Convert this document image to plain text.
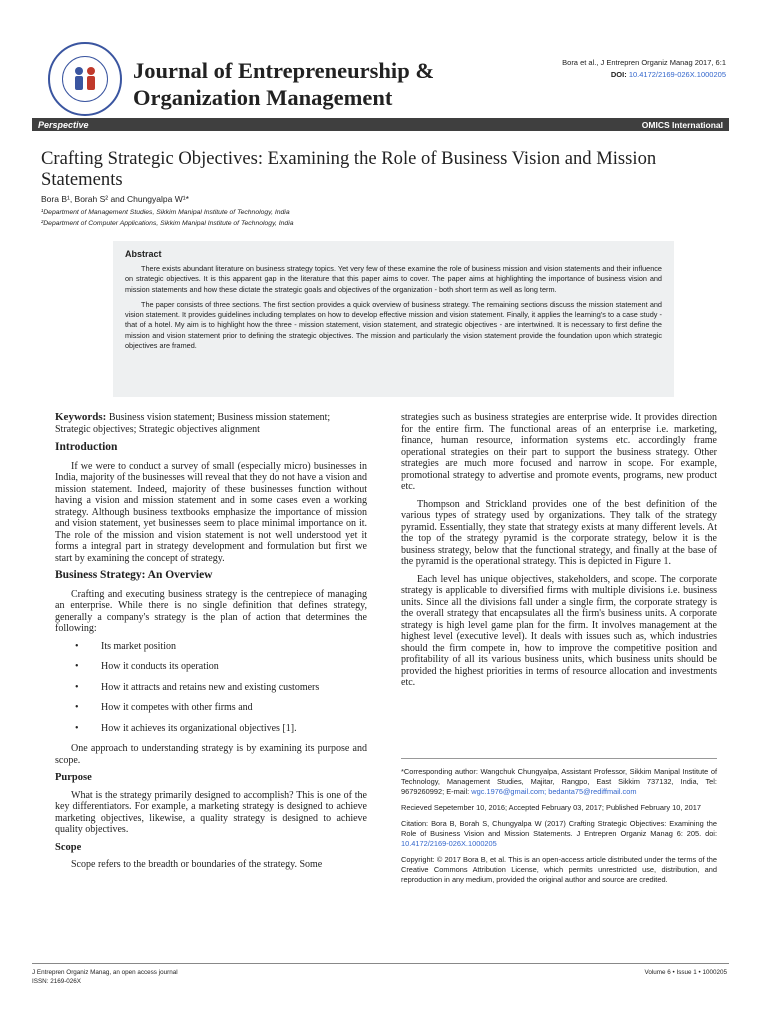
Journal of Entrepreneurship & Organization Management
Bora et al., J Entrepren Organiz Manag 2017, 6:1
DOI: 10.4172/2169-026X.1000205
Perspective	OMICS International
Crafting Strategic Objectives: Examining the Role of Business Vision and Mission Statements
Bora B¹, Borah S² and Chungyalpa W¹*
¹Department of Management Studies, Sikkim Manipal Institute of Technology, India
²Department of Computer Applications, Sikkim Manipal Institute of Technology, India
Abstract

There exists abundant literature on business strategy topics. Yet very few of these examine the role of business mission and vision statements and their influence on strategic objectives. It is this apparent gap in the literature that this paper aims to cover. The paper aims at highlighting the importance of business vision and mission statements and how these dictate the strategic goals and objectives of the organization - both short term as well as long term.

The paper consists of three sections. The first section provides a quick overview of business strategy. The remaining sections discuss the mission statement and vision statement. It provides guidelines including templates on how to develop effective mission and vision statement. Finally, it applies the learning's to a case study - that of a hotel. My aim is to highlight how the three - mission statement, vision statement, and strategic objectives - are intertwined. It is necessary to first define the mission and vision statement prior to defining the strategic objectives. The mission and particularly the vision statement provide the foundation upon which strategic objectives are framed.

Keywords: Business vision statement; Business mission statement; Strategic objectives; Strategic objectives alignment
Introduction

If we were to conduct a survey of small (especially micro) businesses in India, majority of the businesses will reveal that they do not have a vision and mission statement. Indeed, majority of these businesses function without having a vision and mission statement and in some cases even a working strategy. Although business textbooks emphasize the importance of mission and vision statement, yet businesses seem to place minimal importance on it. The role of the mission and vision statement is not well understood yet it forms a integral part in strategy development and formulation but first we start by examining the concept of strategy.

Business Strategy: An Overview

Crafting and executing business strategy is the centrepiece of managing an enterprise. While there is no single definition that defines strategy, generally a company's strategy is the plan of action that determines the following:

• Its market position
• How it conducts its operation
• How it attracts and retains new and existing customers
• How it competes with other firms and
• How it achieves its organizational objectives [1].

One approach to understanding strategy is by examining its purpose and scope.

Purpose

What is the strategy primarily designed to accomplish? This is one of the key differentiators. For example, a marketing strategy is designed to achieve marketing objectives, likewise, a quality strategy is designed to achieve quality objectives.

Scope

Scope refers to the breadth or boundaries of the strategy. Some

strategies such as business strategies are enterprise wide. It provides direction for the entire firm. The functional areas of an enterprise i.e. marketing, finance, human resource, information systems etc. accordingly frame operational strategies on their part to support the business strategy. Other strategies are much more focused and narrow in scope. For example, promotional strategy to advertise and promote events, programs, new product etc.

Thompson and Strickland provides one of the best definition of the various types of strategy used by organizations. They talk of the strategy pyramid. Essentially, they state that strategy exists at many different levels. At the top of the strategy pyramid is the corporate strategy, below it is the business strategy, below that the functional strategy, and finally at the base of the pyramid is the operational strategy. This is depicted in Figure 1.

Each level has unique objectives, stakeholders, and scope. The corporate strategy is applicable to diversified firms with multiple divisions i.e. business units. Since all the divisions fall under a single firm, the corporate strategy is the overall strategy that encapsulates all the firm's business units. A corporate strategy is high level game plan for the firm. It involves management at the highest level (executive level). It deals with issues such as, which industries should the firm compete in, how to improve the competitive position and profitability of all its various business units, which business units should be provided the highest priorities in terms of resource allocation and investments etc.

*Corresponding author: Wangchuk Chungyalpa, Assistant Professor, Sikkim Manipal Institute of Technology, Management Studies, Majitar, Rangpo, East Sikkim 737132, India, Tel: 9679260992; E-mail: wgc.1976@gmail.com; bedanta75@rediffmail.com
Recieved Sepetember 10, 2016; Accepted February 03, 2017; Published February 10, 2017
Citation: Bora B, Borah S, Chungyalpa W (2017) Crafting Strategic Objectives: Examining the Role of Business Vision and Mission Statements. J Entrepren Organiz Manag 6: 205. doi: 10.4172/2169-026X.1000205
Copyright: © 2017 Bora B, et al. This is an open-access article distributed under the terms of the Creative Commons Attribution License, which permits unrestricted use, distribution, and reproduction in any medium, provided the original author and source are credited.
J Entrepren Organiz Manag, an open access journal
ISSN: 2169-026X
Volume 6 • Issue 1 • 1000205
